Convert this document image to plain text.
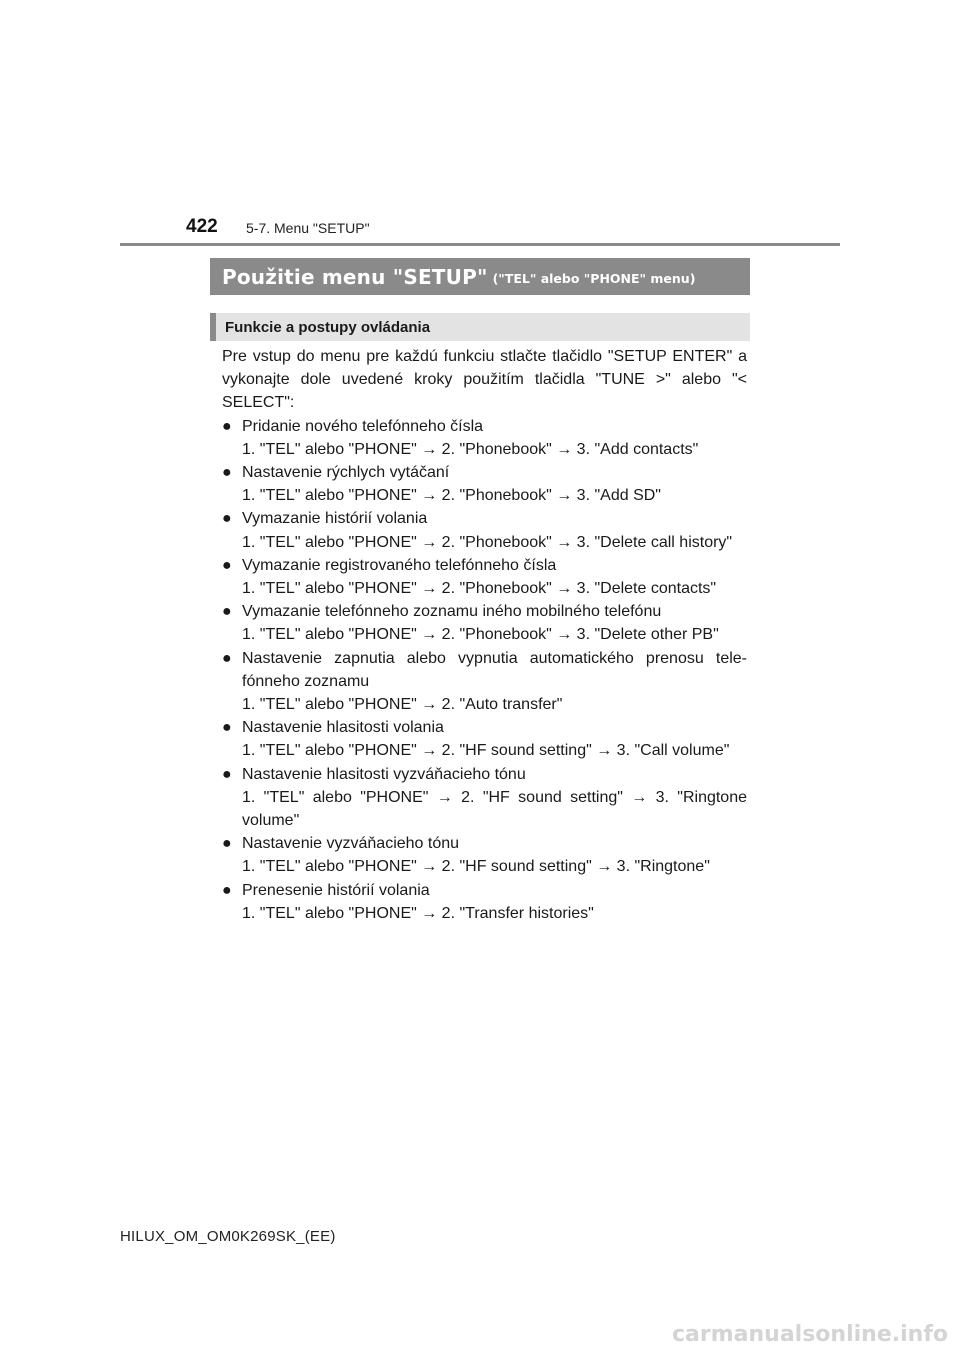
422 5-7. Menu "SETUP"
Použitie menu "SETUP" ("TEL" alebo "PHONE" menu)
Funkcie a postupy ovládania

Pre vstup do menu pre každú funkciu stlačte tlačidlo "SETUP ENTER" a vykonajte dole uvedené kroky použitím tlačidla "TUNE >" alebo "< SELECT":

● Pridanie nového telefónneho čísla
1. "TEL" alebo "PHONE" → 2. "Phonebook" → 3. "Add contacts"
● Nastavenie rýchlych vytáčaní
1. "TEL" alebo "PHONE" → 2. "Phonebook" → 3. "Add SD"
● Vymazanie histórií volania
1. "TEL" alebo "PHONE" → 2. "Phonebook" → 3. "Delete call history"
● Vymazanie registrovaného telefónneho čísla
1. "TEL" alebo "PHONE" → 2. "Phonebook" → 3. "Delete contacts"
● Vymazanie telefónneho zoznamu iného mobilného telefónu
1. "TEL" alebo "PHONE" → 2. "Phonebook" → 3. "Delete other PB"
● Nastavenie zapnutia alebo vypnutia automatického prenosu tele-fónneho zoznamu
1. "TEL" alebo "PHONE" → 2. "Auto transfer"
● Nastavenie hlasitosti volania
1. "TEL" alebo "PHONE" → 2. "HF sound setting" → 3. "Call volume"
● Nastavenie hlasitosti vyzváňacieho tónu
1. "TEL" alebo "PHONE" → 2. "HF sound setting" → 3. "Ringtone volume"
● Nastavenie vyzváňacieho tónu
1. "TEL" alebo "PHONE" → 2. "HF sound setting" → 3. "Ringtone"
● Prenesenie histórií volania
1. "TEL" alebo "PHONE" → 2. "Transfer histories"
HILUX_OM_OM0K269SK_(EE)
carmanualsonline.info
